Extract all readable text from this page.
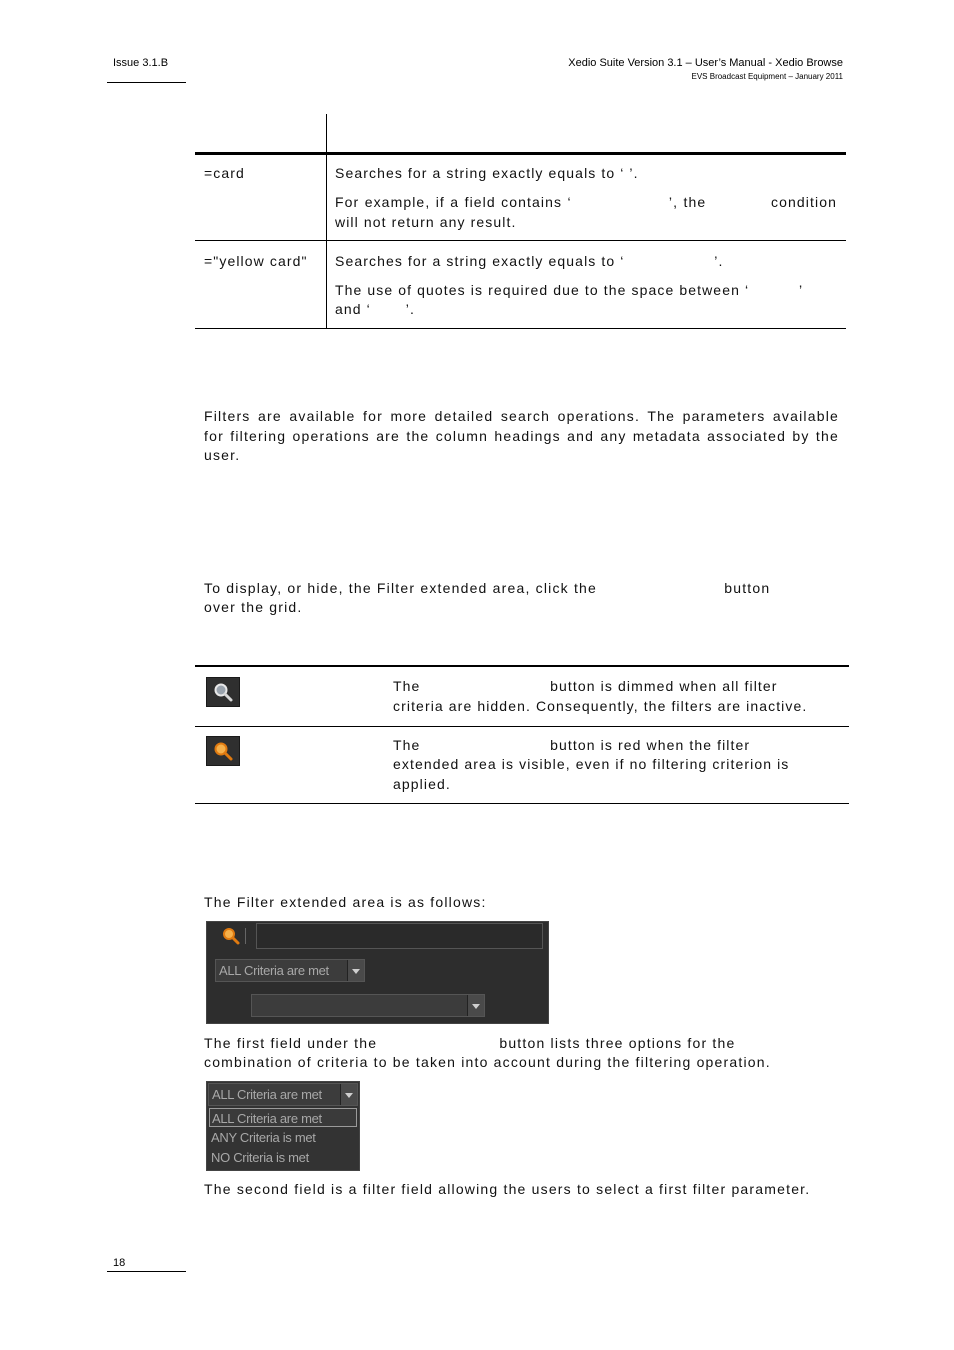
Issue 3.1.B	Xedio Suite Version 3.1 – User’s Manual - Xedio Browse
EVS Broadcast Equipment – January 2011
=card	Searches for a string exactly equals to ‘ ’.
For example, if a field contains ‘                  ’, the            condition
will not return any result.
="yellow card" Searches for a string exactly equals to ‘                  ’.
The use of quotes is required due to the space between ‘          ’
and ‘       ’.
Filters are available for more detailed search operations. The parameters available for filtering operations are the column headings and any metadata associated by the user.
To display, or hide, the Filter extended area, click the                         button
over the grid.
The                          button is dimmed when all filter
criteria are hidden. Consequently, the filters are inactive.
The                          button is red when the filter
extended area is visible, even if no filtering criterion is
applied.
The Filter extended area is as follows:
ALL Criteria are met
The first field under the                        button lists three options for the
combination of criteria to be taken into account during the filtering operation.
ALL Criteria are met
ALL Criteria are met
ANY Criteria is met
NO Criteria is met
The second field is a filter field allowing the users to select a first filter parameter.
18
